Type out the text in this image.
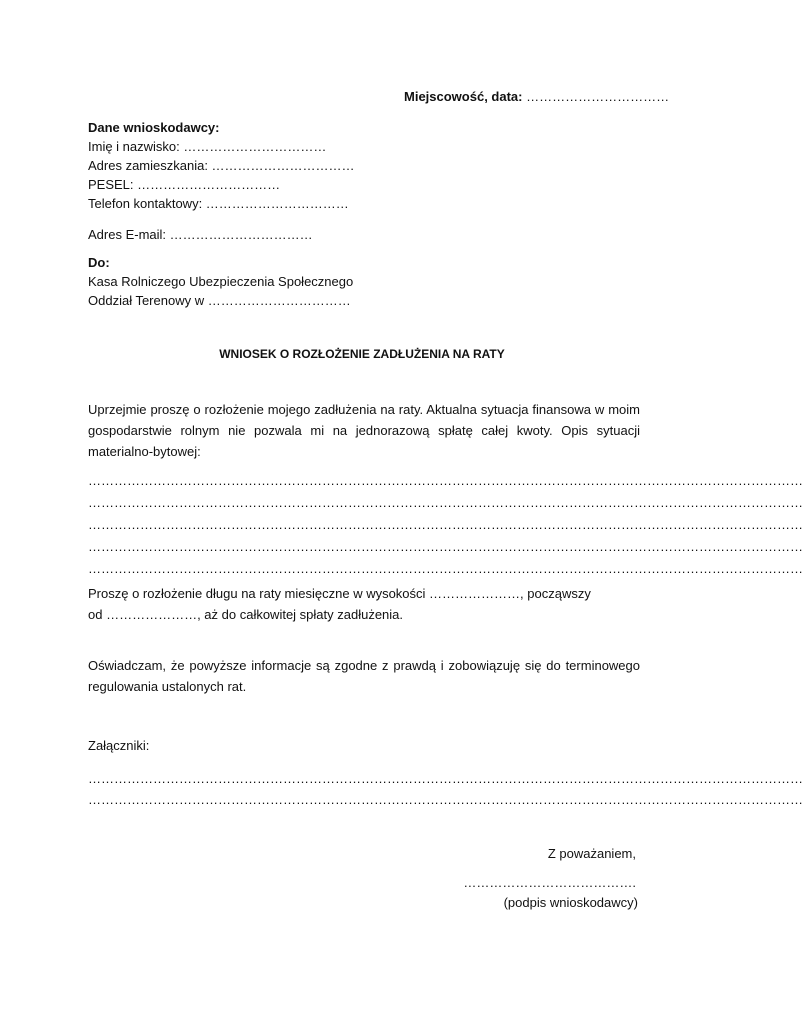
Miejscowość, data: ……………………………
Dane wnioskodawcy:
Imię i nazwisko: ……………………………
Adres zamieszkania: ……………………………
PESEL: ……………………………
Telefon kontaktowy: ……………………………
Adres E-mail: ……………………………
Do:
Kasa Rolniczego Ubezpieczenia Społecznego
Oddział Terenowy w ……………………………
WNIOSEK O ROZŁOŻENIE ZADŁUŻENIA NA RATY
Uprzejmie proszę o rozłożenie mojego zadłużenia na raty. Aktualna sytuacja finansowa w moim gospodarstwie rolnym nie pozwala mi na jednorazową spłatę całej kwoty. Opis sytuacji materialno-bytowej:
…………………………………………………………………………………………………………………………………………………
…………………………………………………………………………………………………………………………………………………
…………………………………………………………………………………………………………………………………………………
…………………………………………………………………………………………………………………………………………………
…………………………………………………………………………………………………………………………………………………
Proszę o rozłożenie długu na raty miesięczne w wysokości …………………, począwszy od …………………, aż do całkowitej spłaty zadłużenia.
Oświadczam, że powyższe informacje są zgodne z prawdą i zobowiązuję się do terminowego regulowania ustalonych rat.
Załączniki:
…………………………………………………………………………………………………………………………………………………
…………………………………………………………………………………………………………………………………………………
Z poważaniem,
………………………………….
(podpis wnioskodawcy)
